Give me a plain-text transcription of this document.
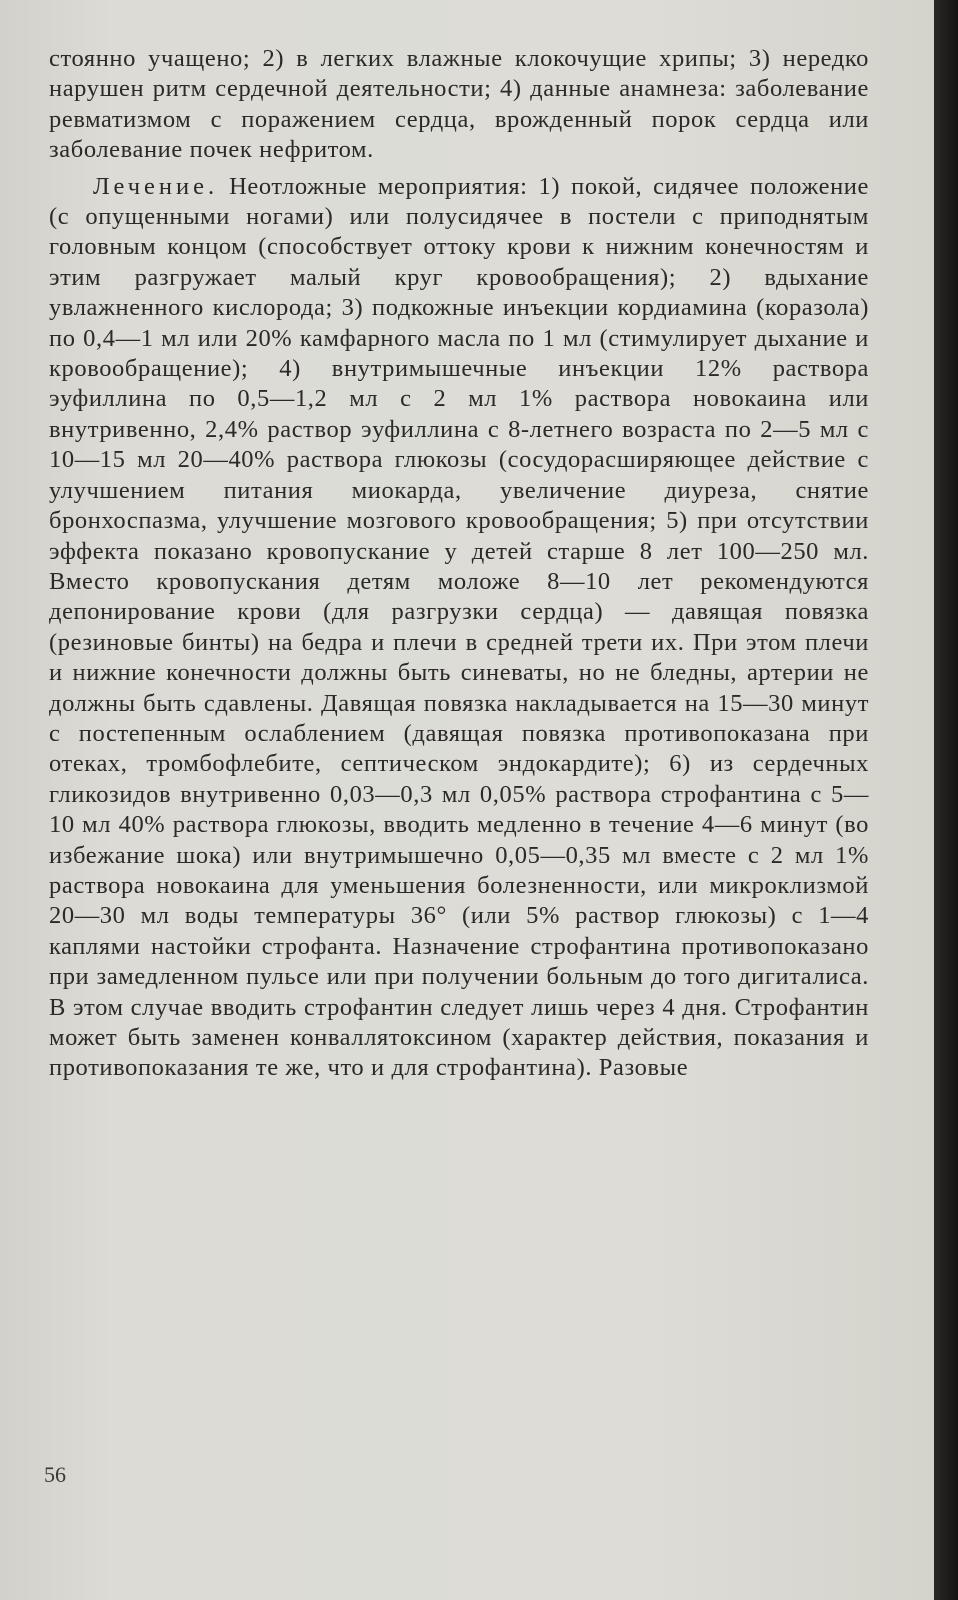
стоянно учащено; 2) в легких влажные клокочущие хрипы; 3) нередко нарушен ритм сердечной деятельности; 4) данные анамнеза: заболевание ревматизмом с поражением сердца, врожденный порок сердца или заболевание почек нефритом.

Лечение. Неотложные мероприятия: 1) покой, сидячее положение (с опущенными ногами) или полусидячее в постели с приподнятым головным концом (способствует оттоку крови к нижним конечностям и этим разгружает малый круг кровообращения); 2) вдыхание увлажненного кислорода; 3) подкожные инъекции кордиамина (коразола) по 0,4—1 мл или 20% камфарного масла по 1 мл (стимулирует дыхание и кровообращение); 4) внутримышечные инъекции 12% раствора эуфиллина по 0,5—1,2 мл с 2 мл 1% раствора новокаина или внутривенно, 2,4% раствор эуфиллина с 8-летнего возраста по 2—5 мл с 10—15 мл 20—40% раствора глюкозы (сосудорасширяющее действие с улучшением питания миокарда, увеличение диуреза, снятие бронхоспазма, улучшение мозгового кровообращения; 5) при отсутствии эффекта показано кровопускание у детей старше 8 лет 100—250 мл. Вместо кровопускания детям моложе 8—10 лет рекомендуются депонирование крови (для разгрузки сердца) — давящая повязка (резиновые бинты) на бедра и плечи в средней трети их. При этом плечи и нижние конечности должны быть синеваты, но не бледны, артерии не должны быть сдавлены. Давящая повязка накладывается на 15—30 минут с постепенным ослаблением (давящая повязка противопоказана при отеках, тромбофлебите, септическом эндокардите); 6) из сердечных гликозидов внутривенно 0,03—0,3 мл 0,05% раствора строфантина с 5—10 мл 40% раствора глюкозы, вводить медленно в течение 4—6 минут (во избежание шока) или внутримышечно 0,05—0,35 мл вместе с 2 мл 1% раствора новокаина для уменьшения болезненности, или микроклизмой 20—30 мл воды температуры 36° (или 5% раствор глюкозы) с 1—4 каплями настойки строфанта. Назначение строфантина противопоказано при замедленном пульсе или при получении больным до того дигиталиса. В этом случае вводить строфантин следует лишь через 4 дня. Строфантин может быть заменен конваллятоксином (характер действия, показания и противопоказания те же, что и для строфантина). Разовые

56
